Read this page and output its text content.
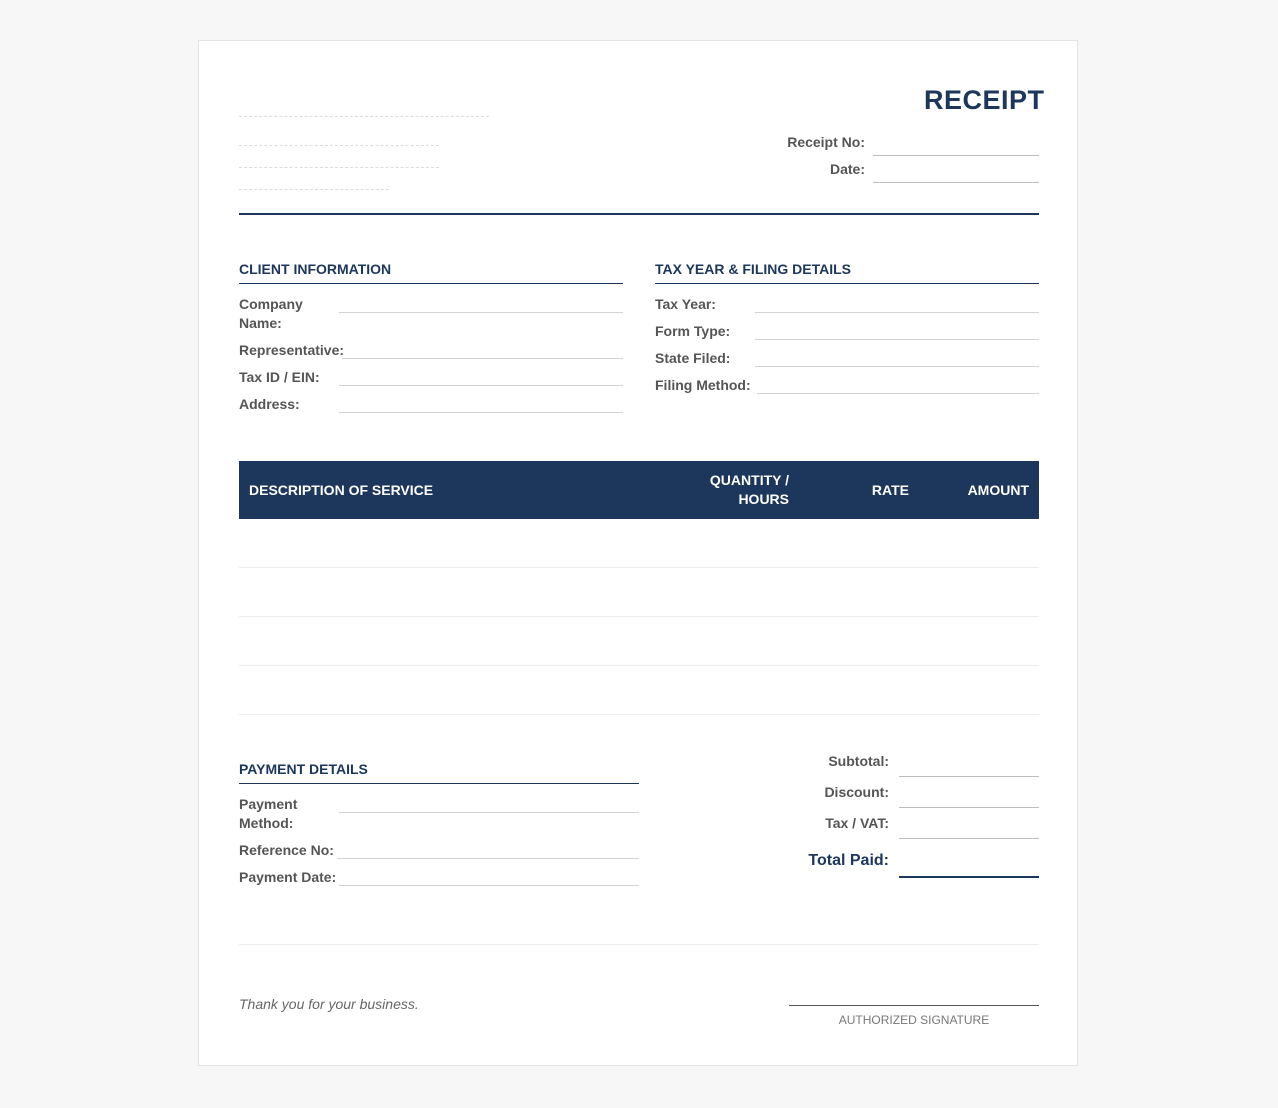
RECEIPT
Receipt No:
Date:
CLIENT INFORMATION
Company
Name:
Representative:
Tax ID / EIN:
Address:
TAX YEAR & FILING DETAILS
Tax Year:
Form Type:
State Filed:
Filing Method:
DESCRIPTION OF SERVICE
QUANTITY /
HOURS
RATE	AMOUNT
PAYMENT DETAILS
Payment
Method:
Reference No:
Payment Date:
Subtotal:
Discount:
Tax / VAT:
Total Paid:
Thank you for your business.
AUTHORIZED SIGNATURE
